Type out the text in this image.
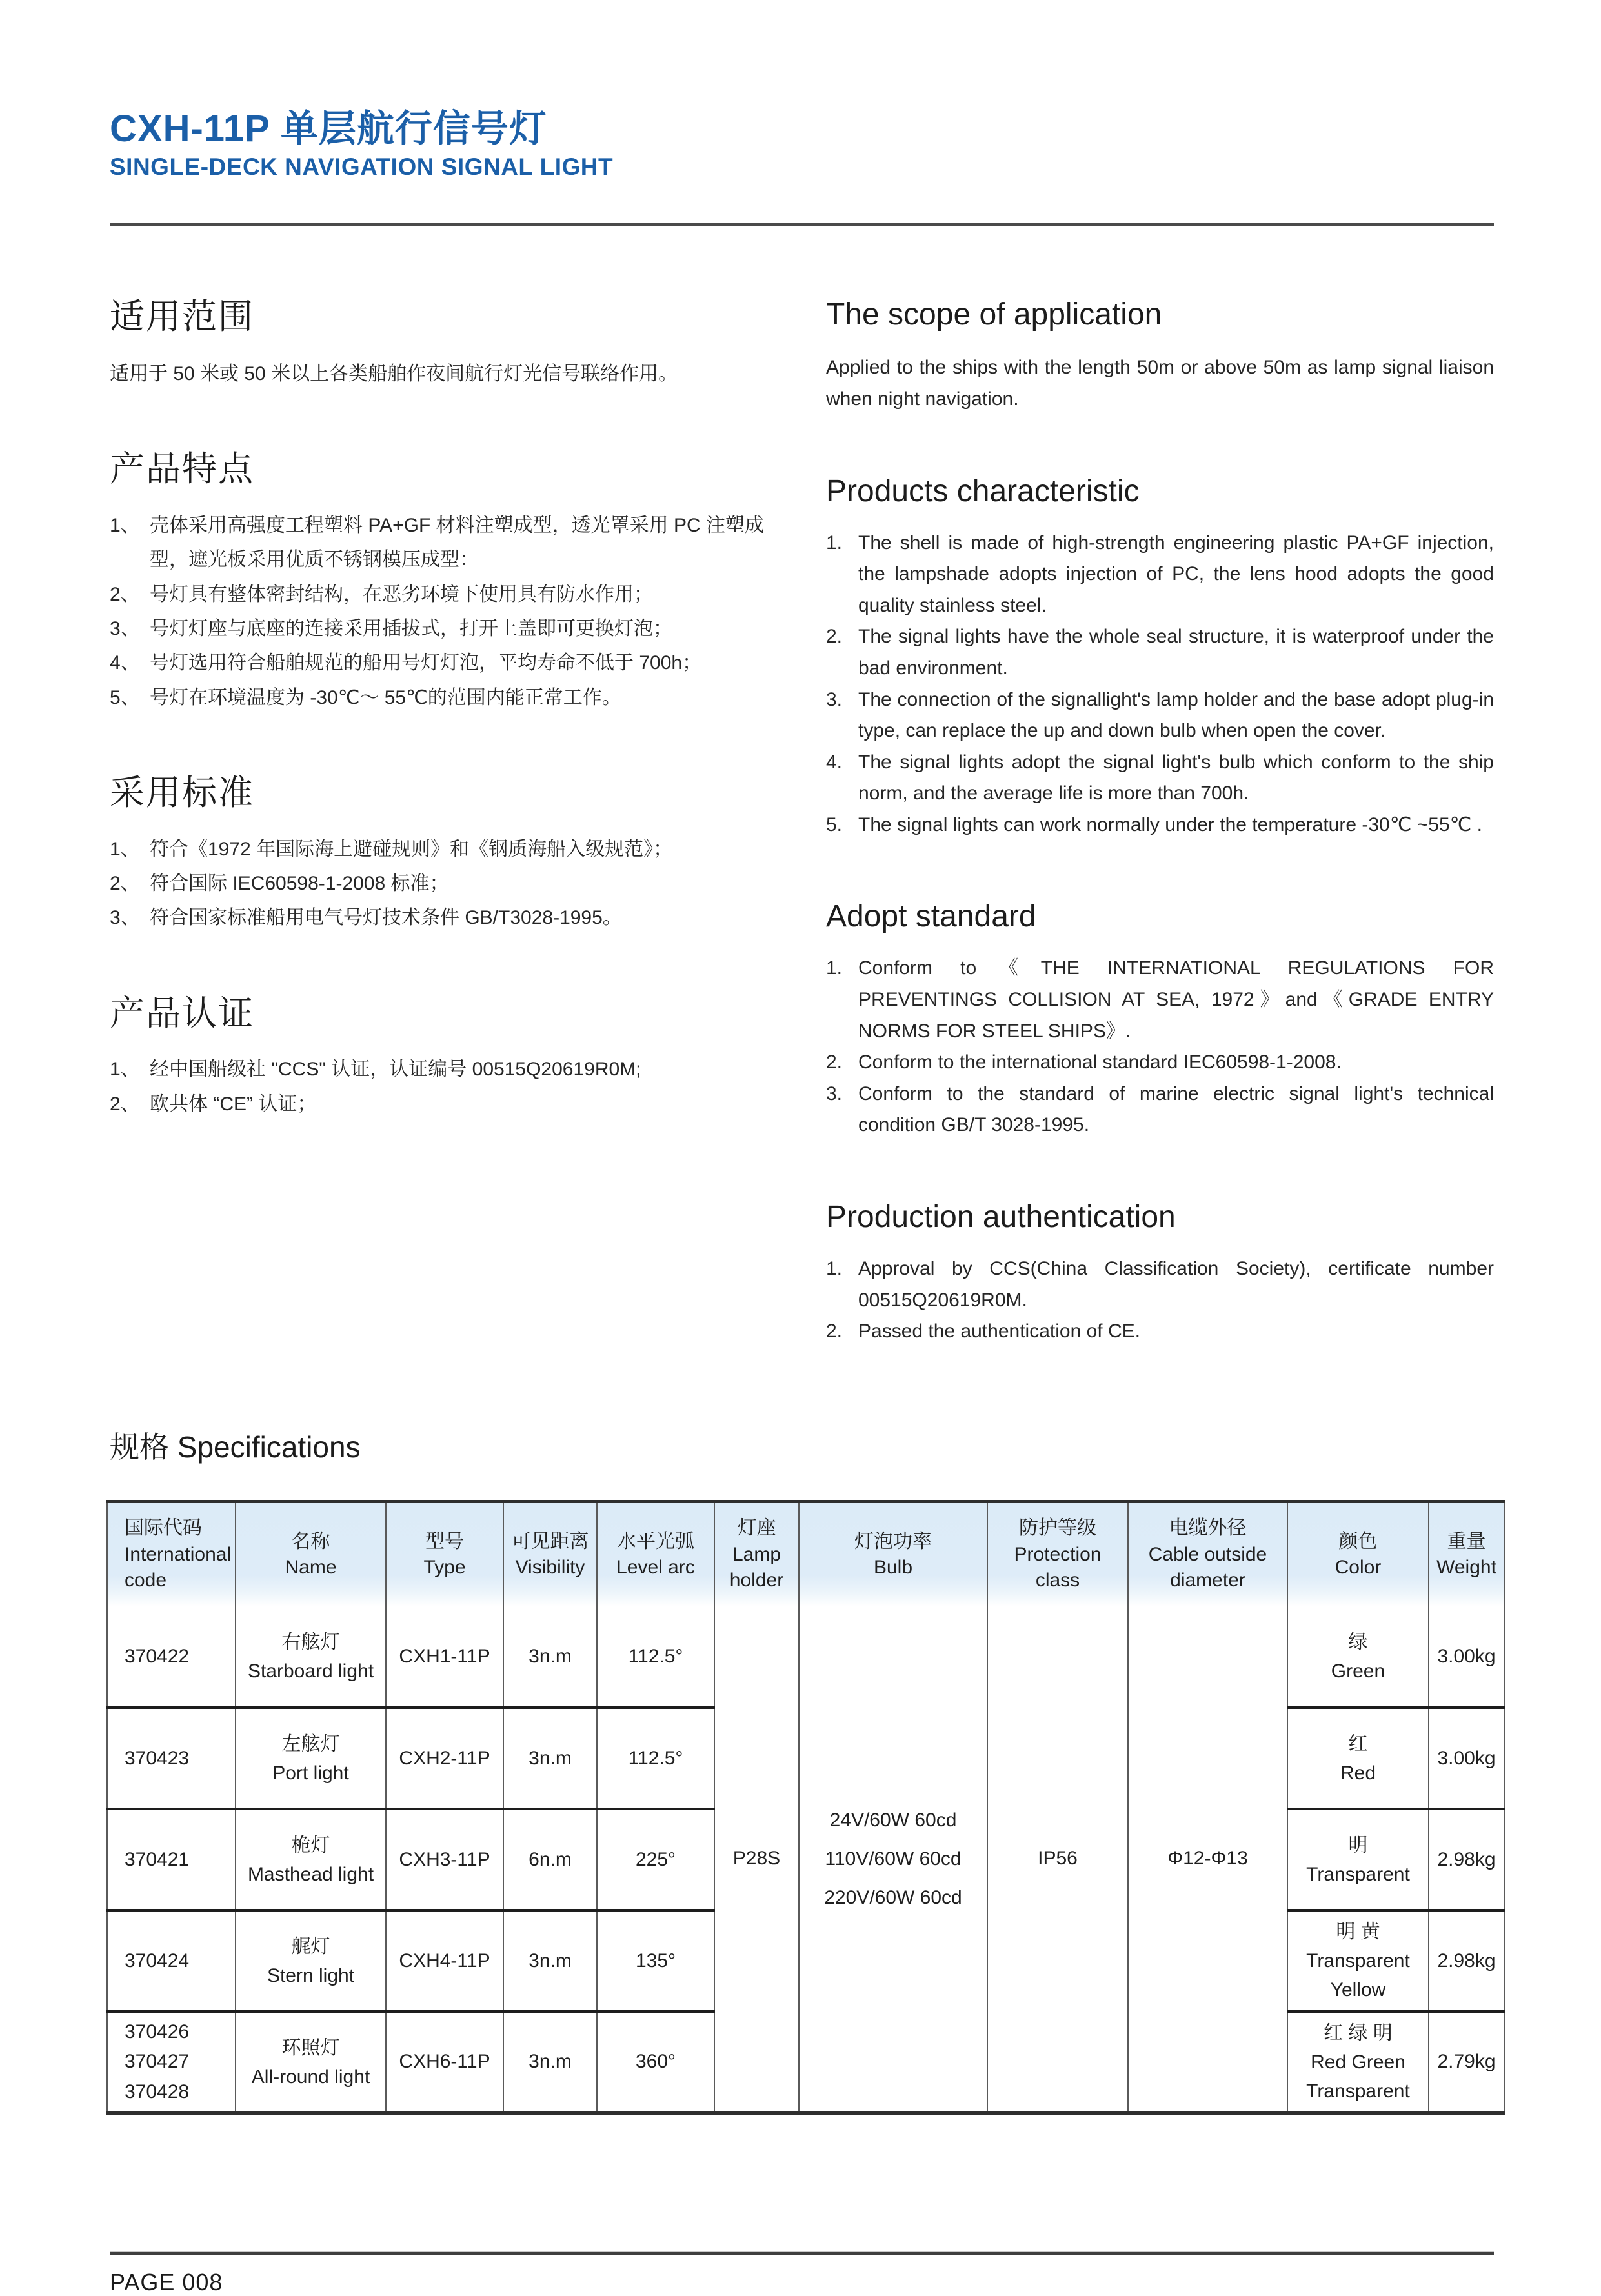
CXH-11P 单层航行信号灯
SINGLE-DECK NAVIGATION SIGNAL LIGHT
适用范围

适用于 50 米或 50 米以上各类船舶作夜间航行灯光信号联络作用。

产品特点
1、 壳体采用高强度工程塑料 PA+GF 材料注塑成型，透光罩采用 PC 注塑成型，遮光板采用优质不锈钢模压成型：
2、 号灯具有整体密封结构，在恶劣环境下使用具有防水作用；
3、 号灯灯座与底座的连接采用插拔式，打开上盖即可更换灯泡；
4、 号灯选用符合船舶规范的船用号灯灯泡，平均寿命不低于 700h；
5、 号灯在环境温度为 -30℃～ 55℃的范围内能正常工作。
采用标准
1、 符合《1972 年国际海上避碰规则》和《钢质海船入级规范》；
2、 符合国际 IEC60598-1-2008 标准；
3、 符合国家标准船用电气号灯技术条件 GB/T3028-1995。
产品认证
1、 经中国船级社 "CCS" 认证，认证编号 00515Q20619R0M;
2、 欧共体 “CE” 认证；
The scope of application

Applied to the ships with the length 50m or above 50m as lamp signal liaison when night navigation.

Products characteristic
1. The shell is made of high-strength engineering plastic PA+GF injection, the lampshade adopts injection of PC, the lens hood adopts the good quality stainless steel.
2. The signal lights have the whole seal structure, it is waterproof under the bad environment.
3. The connection of the signallight's lamp holder and the base adopt plug-in type, can replace the up and down bulb when open the cover.
4. The signal lights adopt the signal light's bulb which conform to the ship norm, and the average life is more than 700h.
5. The signal lights can work normally under the temperature -30℃ ~55℃ .
Adopt standard
1. Conform to《THE INTERNATIONAL REGULATIONS FOR PREVENTINGS COLLISION AT SEA, 1972》and《GRADE ENTRY NORMS FOR STEEL SHIPS》.
2. Conform to the international standard IEC60598-1-2008.
3. Conform to the standard of marine electric signal light's technical condition GB/T 3028-1995.
Production authentication
1. Approval by CCS(China Classification Society), certificate number 00515Q20619R0M.
2. Passed the authentication of CE.
规格 Specifications
国际代码
International code	名称
Name	型号
Type	可见距离
Visibility	水平光弧
Level arc	灯座
Lamp holder	灯泡功率
Bulb	防护等级
Protection class	电缆外径
Cable outside diameter	颜色
Color	重量
Weight

370422	右舷灯
Starboard light	CXH1-11P	3n.m	112.5°	P28S	24V/60W 60cd
110V/60W 60cd
220V/60W 60cd	IP56	Φ12-Φ13	绿
Green	3.00kg

370423	左舷灯
Port light	CXH2-11P	3n.m	112.5°					红
Red	3.00kg

370421	桅灯
Masthead light	CXH3-11P	6n.m	225°					明
Transparent	2.98kg

370424	艉灯
Stern light	CXH4-11P	3n.m	135°					明 黄
Transparent Yellow	2.98kg

370426
370427
370428	环照灯
All-round light	CXH6-11P	3n.m	360°					红 绿 明
Red Green Transparent	2.79kg
PAGE 008
